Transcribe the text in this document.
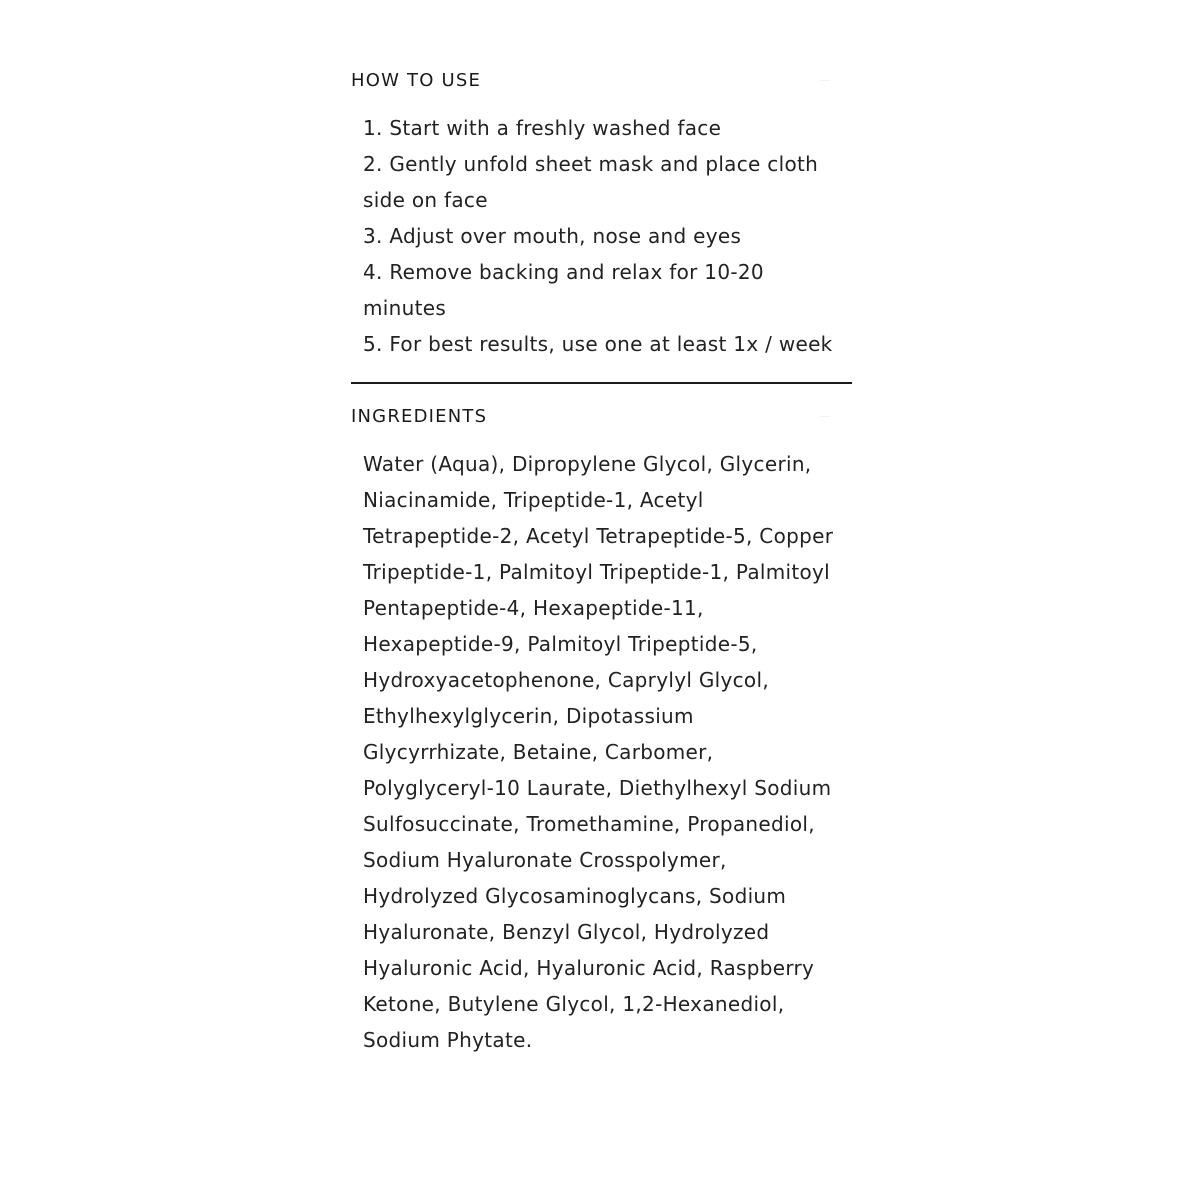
HOW TO USE
1. Start with a freshly washed face
2. Gently unfold sheet mask and place cloth side on face
3. Adjust over mouth, nose and eyes
4. Remove backing and relax for 10-20 minutes
5. For best results, use one at least 1x / week
INGREDIENTS

Water (Aqua), Dipropylene Glycol, Glycerin, Niacinamide, Tripeptide-1, Acetyl Tetrapeptide-2, Acetyl Tetrapeptide-5, Copper Tripeptide-1, Palmitoyl Tripeptide-1, Palmitoyl Pentapeptide-4, Hexapeptide-11, Hexapeptide-9, Palmitoyl Tripeptide-5, Hydroxyacetophenone, Caprylyl Glycol, Ethylhexylglycerin, Dipotassium Glycyrrhizate, Betaine, Carbomer, Polyglyceryl-10 Laurate, Diethylhexyl Sodium Sulfosuccinate, Tromethamine, Propanediol, Sodium Hyaluronate Crosspolymer, Hydrolyzed Glycosaminoglycans, Sodium Hyaluronate, Benzyl Glycol, Hydrolyzed Hyaluronic Acid, Hyaluronic Acid, Raspberry Ketone, Butylene Glycol, 1,2-Hexanediol, Sodium Phytate.
